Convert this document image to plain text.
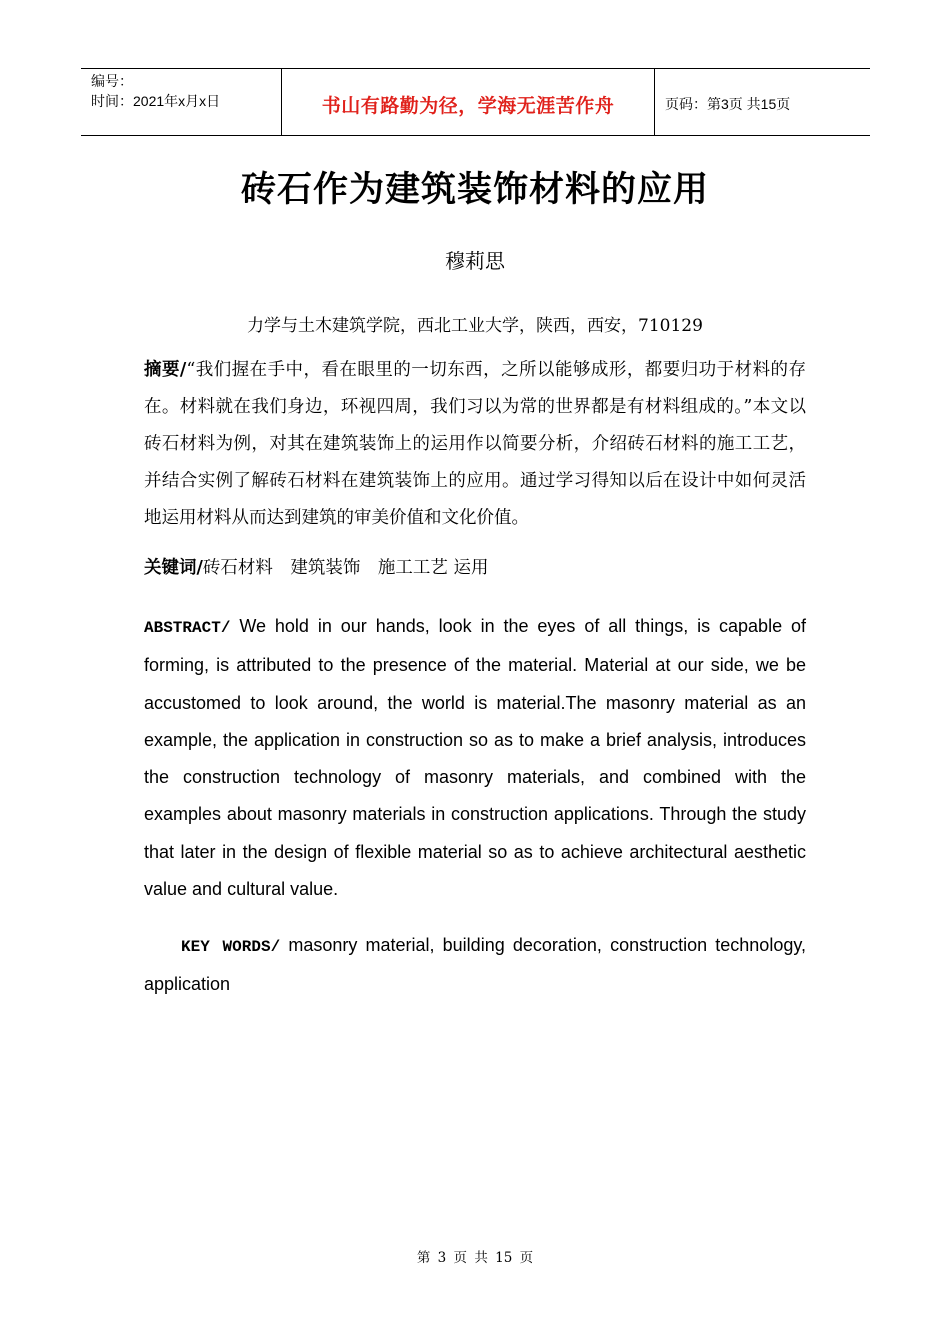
编号：
时间：2021年x月x日	书山有路勤为径，学海无涯苦作舟	页码：第3页 共15页
砖石作为建筑装饰材料的应用
穆莉思
力学与土木建筑学院，西北工业大学，陕西，西安，710129
摘要/“我们握在手中，看在眼里的一切东西，之所以能够成形，都要归功于材料的存在。材料就在我们身边，环视四周，我们习以为常的世界都是有材料组成的。”本文以砖石材料为例，对其在建筑装饰上的运用作以简要分析，介绍砖石材料的施工工艺，并结合实例了解砖石材料在建筑装饰上的应用。通过学习得知以后在设计中如何灵活地运用材料从而达到建筑的审美价值和文化价值。
关键词/砖石材料　建筑装饰　施工工艺 运用
ABSTRACT/ We hold in our hands, look in the eyes of all things, is capable of forming, is attributed to the presence of the material. Material at our side, we be accustomed to look around, the world is material.The masonry material as an example, the application in construction so as to make a brief analysis, introduces the construction technology of masonry materials, and combined with the examples about masonry materials in construction applications. Through the study that later in the design of flexible material so as to achieve architectural aesthetic value and cultural value.
KEY WORDS/ masonry material, building decoration, construction technology, application
第 3 页 共 15 页
